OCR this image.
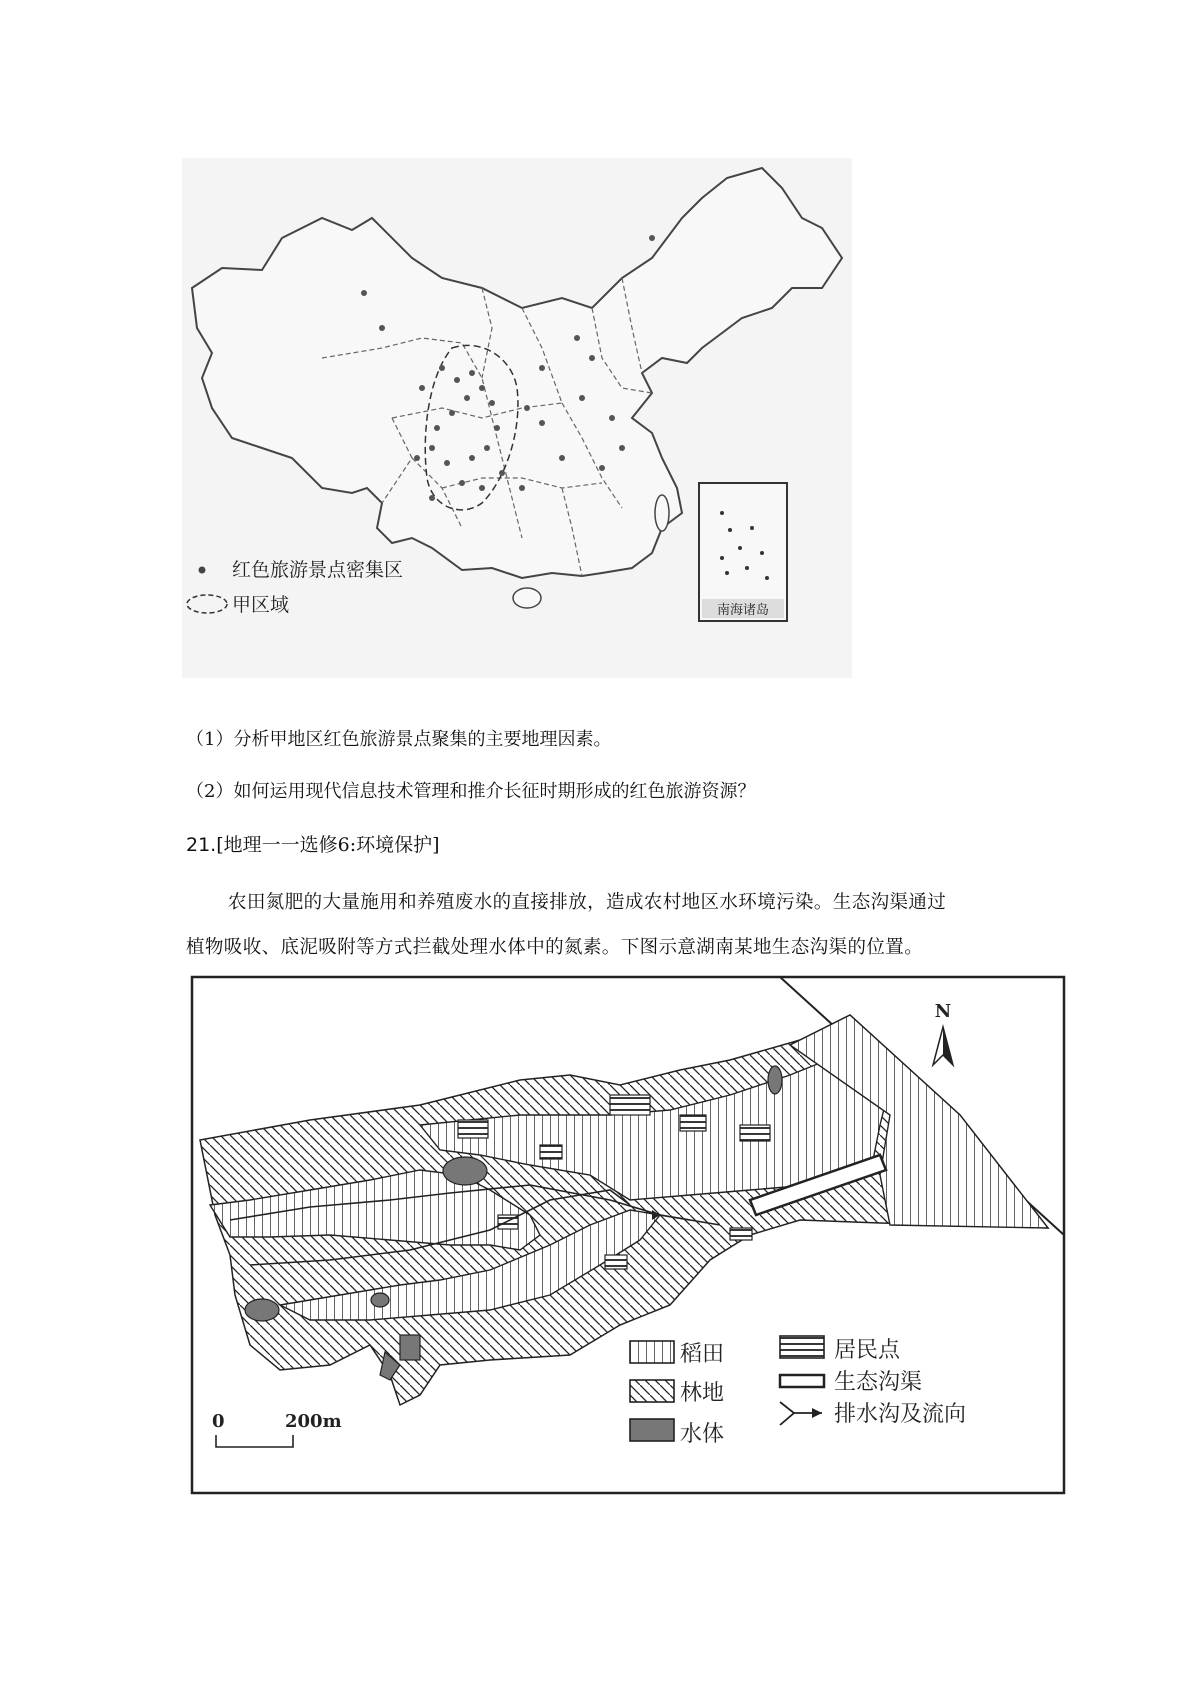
南海诸岛
红色旅游景点密集区
甲区域
（1）分析甲地区红色旅游景点聚集的主要地理因素。
（2）如何运用现代信息技术管理和推介长征时期形成的红色旅游资源？
21.[地理一一选修6:环境保护]
农田氮肥的大量施用和养殖废水的直接排放，造成农村地区水环境污染。生态沟渠通过
植物吸收、底泥吸附等方式拦截处理水体中的氮素。下图示意湖南某地生态沟渠的位置。
N
0	200m
稻田
林地
水体
居民点
生态沟渠
排水沟及流向
